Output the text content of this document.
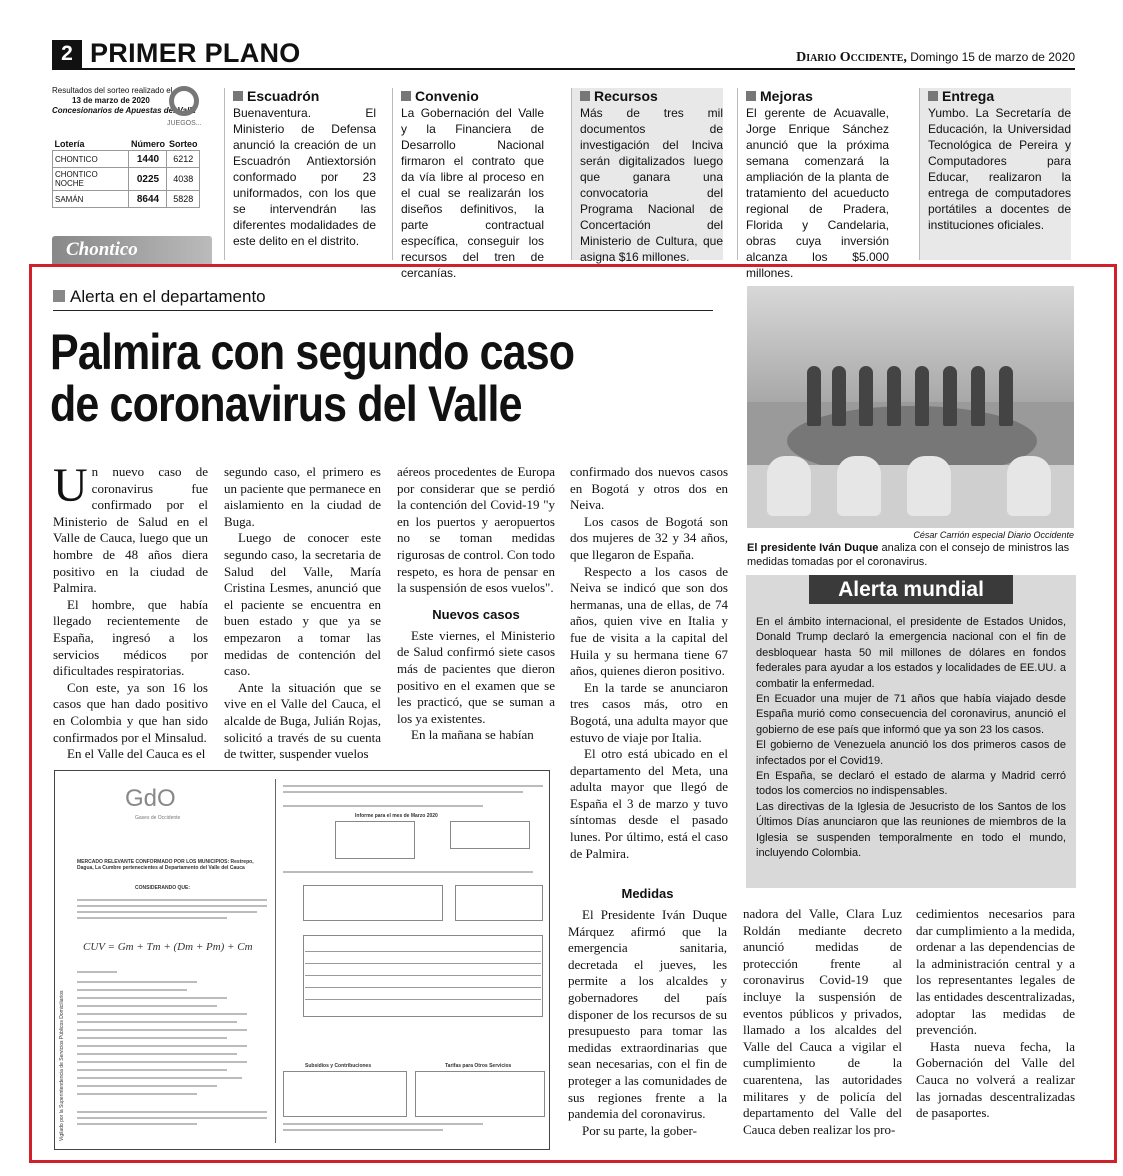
2 PRIMER PLANO	Diario Occidente, Domingo 15 de marzo de 2020
Resultados del sorteo realizado el
13 de marzo de 2020
Concesionarios de Apuestas del Valle
JUEGOS...
Lotería	Número	Sorteo
CHONTICO	1440	6212
CHONTICO NOCHE	0225	4038
SAMÁN	8644	5828
Chontico
Escuadrón
Buenaventura. El Ministerio de Defensa anunció la creación de un Escuadrón Antiextorsión conformado por 23 uniformados, con los que se intervendrán las diferentes modalidades de este delito en el distrito.
Convenio
La Gobernación del Valle y la Financiera de Desarrollo Nacional firmaron el contrato que da vía libre al proceso en el cual se realizarán los diseños definitivos, la parte contractual específica, conseguir los recursos del tren de cercanías.
Recursos
Más de tres mil documentos de investigación del Inciva serán digitalizados luego que ganara una convocatoria del Programa Nacional de Concertación del Ministerio de Cultura, que asigna $16 millones.
Mejoras
El gerente de Acuavalle, Jorge Enrique Sánchez anunció que la próxima semana comenzará la ampliación de la planta de tratamiento del acueducto regional de Pradera, Florida y Candelaria, obras cuya inversión alcanza los $5.000 millones.
Entrega
Yumbo. La Secretaría de Educación, la Universidad Tecnológica de Pereira y Computadores para Educar, realizaron la entrega de computadores portátiles a docentes de instituciones oficiales.
Alerta en el departamento
Palmira con segundo caso
de coronavirus del Valle

Un nuevo caso de coronavirus fue confirmado por el Ministerio de Salud en el Valle de Cauca, luego que un hombre de 48 años diera positivo en la ciudad de Palmira.

El hombre, que había llegado recientemente de España, ingresó a los servicios médicos por dificultades respiratorias.

Con este, ya son 16 los casos que han dado positivo en Colombia y que han sido confirmados por el Minsalud.

En el Valle del Cauca es el

segundo caso, el primero es un paciente que permanece en aislamiento en la ciudad de Buga.

Luego de conocer este segundo caso, la secretaria de Salud del Valle, María Cristina Lesmes, anunció que el paciente se encuentra en buen estado y que ya se empezaron a tomar las medidas de contención del caso.

Ante la situación que se vive en el Valle del Cauca, el alcalde de Buga, Julián Rojas, solicitó a través de su cuenta de twitter, suspender vuelos

aéreos procedentes de Europa por considerar que se perdió la contención del Covid-19 "y en los puertos y aeropuertos no se toman medidas rigurosas de control. Con todo respeto, es hora de pensar en la suspensión de esos vuelos".

Nuevos casos

Este viernes, el Ministerio de Salud confirmó siete casos más de pacientes que dieron positivo en el examen que se les practicó, que se suman a los ya existentes.

En la mañana se habían

confirmado dos nuevos casos en Bogotá y otros dos en Neiva.

Los casos de Bogotá son dos mujeres de 32 y 34 años, que llegaron de España.

Respecto a los casos de Neiva se indicó que son dos hermanas, una de ellas, de 74 años, quien vive en Italia y fue de visita a la capital del Huila y su hermana tiene 67 años, quienes dieron positivo.

En la tarde se anunciaron tres casos más, otro en Bogotá, una adulta mayor que estuvo de viaje por Italia.

El otro está ubicado en el departamento del Meta, una adulta mayor que llegó de España el 3 de marzo y tuvo síntomas desde el pasado lunes. Por último, está el caso de Palmira.

Medidas

El Presidente Iván Duque Márquez afirmó que la emergencia sanitaria, decretada el jueves, les permite a los alcaldes y gobernadores del país disponer de los recursos de su presupuesto para tomar las medidas extraordinarias que sean necesarias, con el fin de proteger a las comunidades de sus regiones frente a la pandemia del coronavirus.

Por su parte, la gober-

nadora del Valle, Clara Luz Roldán mediante decreto anunció medidas de protección frente al coronavirus Covid-19 que incluye la suspensión de eventos públicos y privados, llamado a los alcaldes del Valle del Cauca a vigilar el cumplimiento de la cuarentena, las autoridades militares y de policía del departamento del Valle del Cauca deben realizar los pro-

cedimientos necesarios para dar cumplimiento a la medida, ordenar a las dependencias de la administración central y a los representantes legales de las entidades descentralizadas, adoptar las medidas de prevención.

Hasta nueva fecha, la Gobernación del Valle del Cauca no volverá a realizar las jornadas descentralizadas de pasaportes.

César Carrión especial Diario Occidente
El presidente Iván Duque analiza con el consejo de ministros las medidas tomadas por el coronavirus.
Alerta mundial

En el ámbito internacional, el presidente de Estados Unidos, Donald Trump declaró la emergencia nacional con el fin de desbloquear hasta 50 mil millones de dólares en fondos federales para ayudar a los estados y localidades de EE.UU. a combatir la enfermedad.

En Ecuador una mujer de 71 años que había viajado desde España murió como consecuencia del coronavirus, anunció el gobierno de ese país que informó que ya son 23 los casos.

El gobierno de Venezuela anunció los dos primeros casos de infectados por el Covid19.

En España, se declaró el estado de alarma y Madrid cerró todos los comercios no indispensables.

Las directivas de la Iglesia de Jesucristo de los Santos de los Últimos Días anunciaron que las reuniones de miembros de la Iglesia se suspenden temporalmente en todo el mundo, incluyendo Colombia.

GdO
Gases de Occidente
Vigilado por la Superintendencia de Servicios Públicos Domiciliarios
MERCADO RELEVANTE CONFORMADO POR LOS MUNICIPIOS: Restrepo, Dagua, La Cumbre pertenecientes al Departamento del Valle del Cauca
CONSIDERANDO QUE:
CUV = Gm + Tm + (Dm + Pm) + Cm
Informe para el mes de Marzo 2020
Subsidios y Contribuciones	Tarifas para Otros Servicios
